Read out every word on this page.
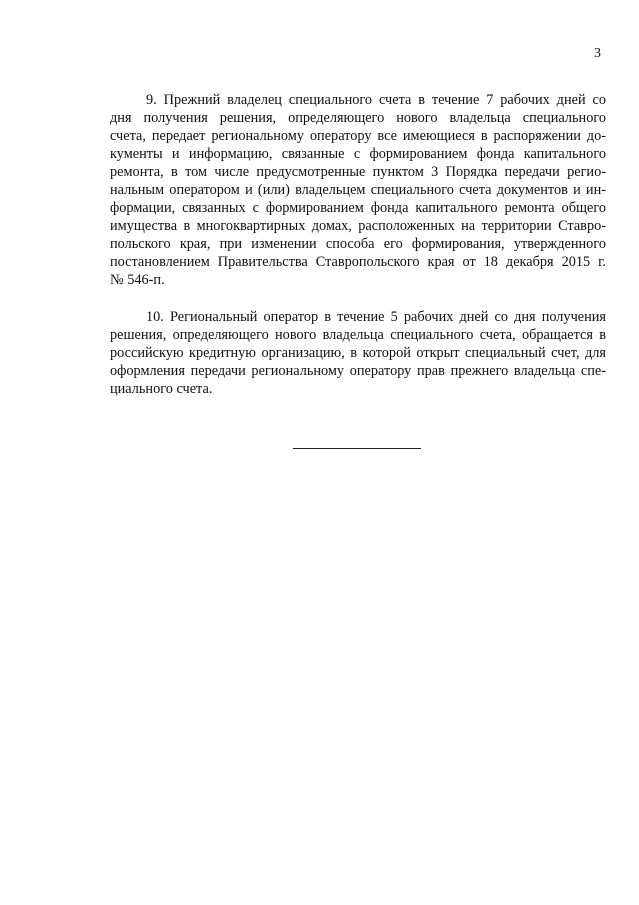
3
9. Прежний владелец специального счета в течение 7 рабочих дней со
дня получения решения, определяющего нового владельца специального
счета, передает региональному оператору все имеющиеся в распоряжении до-
кументы и информацию, связанные с формированием фонда капитального
ремонта, в том числе предусмотренные пунктом 3 Порядка передачи регио-
нальным оператором и (или) владельцем специального счета документов и ин-
формации, связанных с формированием фонда капитального ремонта общего
имущества в многоквартирных домах, расположенных на территории Ставро-
польского края, при изменении способа его формирования, утвержденного
постановлением Правительства Ставропольского края от 18 декабря 2015 г.
№ 546-п.
10. Региональный оператор в течение 5 рабочих дней со дня получения
решения, определяющего нового владельца специального счета, обращается в
российскую кредитную организацию, в которой открыт специальный счет, для
оформления передачи региональному оператору прав прежнего владельца спе-
циального счета.
